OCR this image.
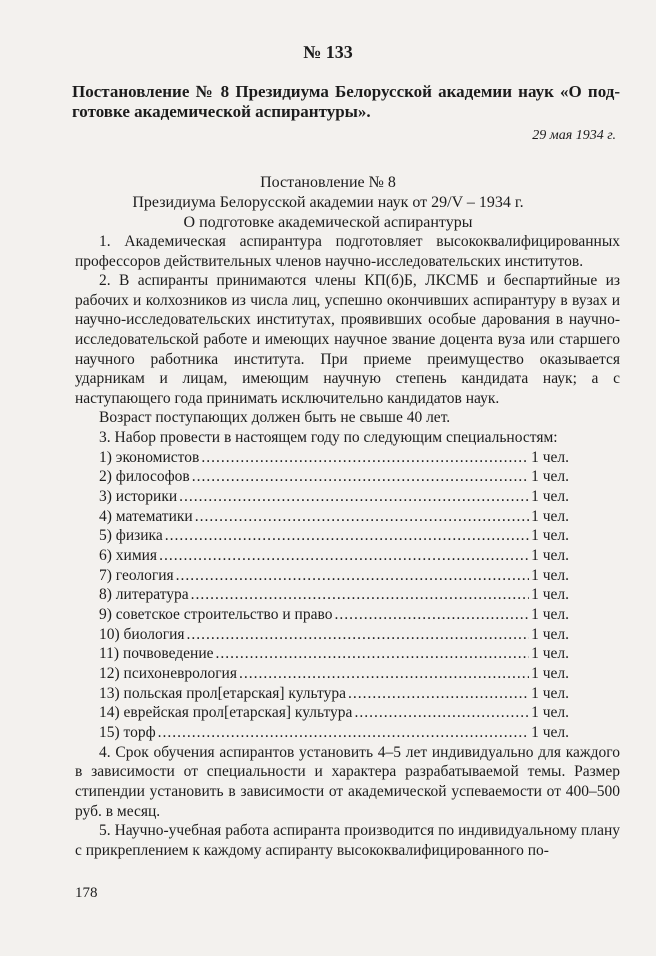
№ 133
Постановление № 8 Президиума Белорусской академии наук «О подготовке академической аспирантуры».
29 мая 1934 г.
Постановление № 8
Президиума Белорусской академии наук от 29/V – 1934 г.
О подготовке академической аспирантуры

1. Академическая аспирантура подготовляет высококвалифицированных профессоров действительных членов научно-исследовательских институтов.

2. В аспиранты принимаются члены КП(б)Б, ЛКСМБ и беспартийные из рабочих и колхозников из числа лиц, успешно окончивших аспирантуру в вузах и научно-исследовательских институтах, проявивших особые дарования в научно-исследовательской работе и имеющих научное звание доцента вуза или старшего научного работника института. При приеме преимущество оказывается ударникам и лицам, имеющим научную степень кандидата наук; а с наступающего года принимать исключительно кандидатов наук.

Возраст поступающих должен быть не свыше 40 лет.

3. Набор провести в настоящем году по следующим специальностям:

1) экономистов .....	1 чел.
2) философов .....	1 чел.
3) историки .....	1 чел.
4) математики .....	1 чел.
5) физика .....	1 чел.
6) химия .....	1 чел.
7) геология .....	1 чел.
8) литература .....	1 чел.
9) советское строительство и право .....	1 чел.
10) биология .....	1 чел.
11) почвоведение .....	1 чел.
12) психоневрология .....	1 чел.
13) польская прол[етарская] культура .....	1 чел.
14) еврейская прол[етарская] культура .....	1 чел.
15) торф .....	1 чел.

4. Срок обучения аспирантов установить 4–5 лет индивидуально для каждого в зависимости от специальности и характера разрабатываемой темы. Размер стипендии установить в зависимости от академической успеваемости от 400–500 руб. в месяц.

5. Научно-учебная работа аспиранта производится по индивидуальному плану с прикреплением к каждому аспиранту высококвалифицированного по-

178
